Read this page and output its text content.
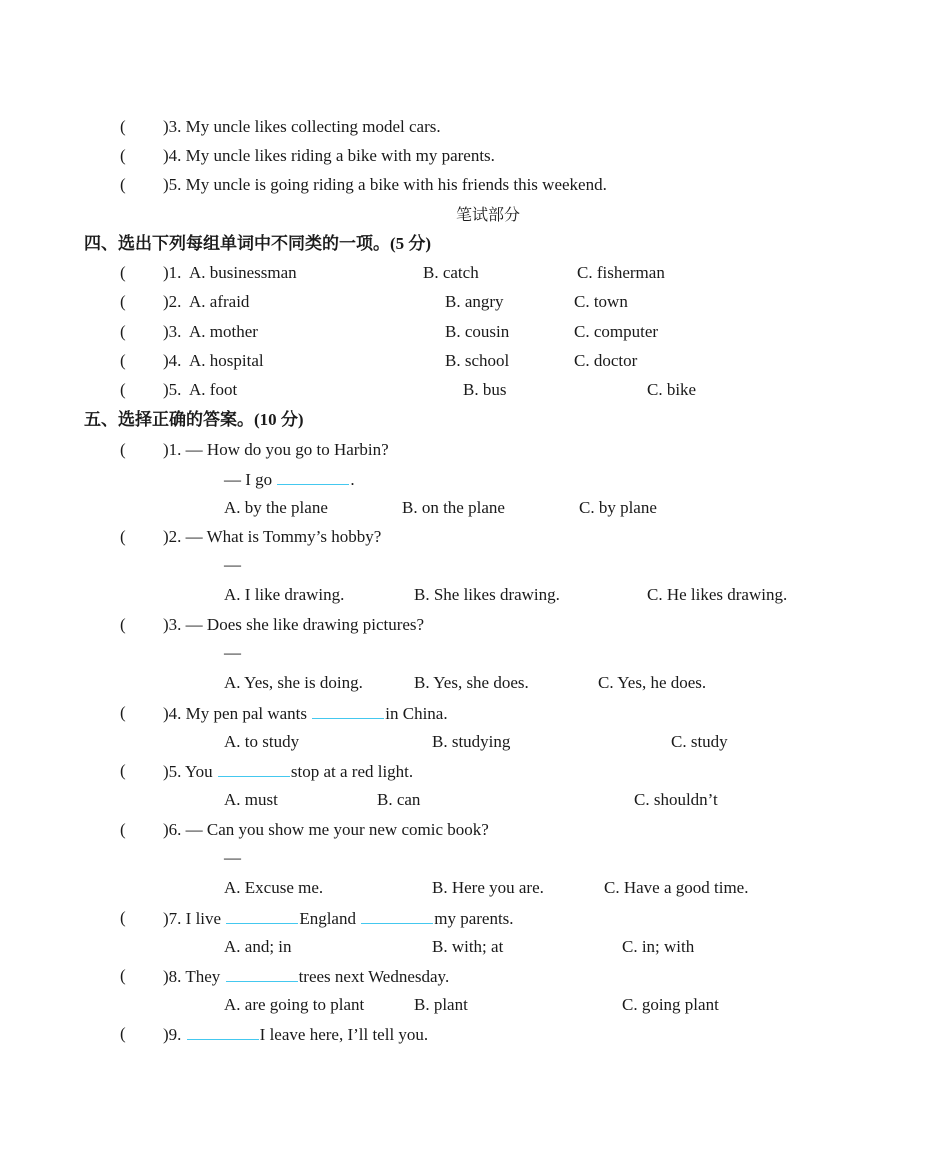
( )3. My uncle likes collecting model cars.
( )4. My uncle likes riding a bike with my parents.
( )5. My uncle is going riding a bike with his friends this weekend.
笔试部分
四、选出下列每组单词中不同类的一项。(5 分)
( )1. A. businessman	B. catch	C. fisherman
( )2. A. afraid	B. angry	C. town
( )3. A. mother	B. cousin	C. computer
( )4. A. hospital	B. school	C. doctor
( )5. A. foot	B. bus	C. bike
五、选择正确的答案。(10 分)
( )1. — How do you go to Harbin?
— I go	.
A. by the plane	B. on the plane	C. by plane
( )2. — What is Tommy’s hobby?
—
A. I like drawing.	B. She likes drawing.	C. He likes drawing.
( )3. — Does she like drawing pictures?
—
A. Yes, she is doing.	B. Yes, she does.	C. Yes, he does.
( )4. My pen pal wants	in China.
A. to study	B. studying	C. study
( )5. You	stop at a red light.
A. must	B. can	C. shouldn’t
( )6. — Can you show me your new comic book?
—
A. Excuse me.	B. Here you are.	C. Have a good time.
( )7. I live	England	my parents.
A. and; in	B. with; at	C. in; with
( )8. They	trees next Wednesday.
A. are going to plant	B. plant	C. going plant
( )9.	I leave here, I’ll tell you.
